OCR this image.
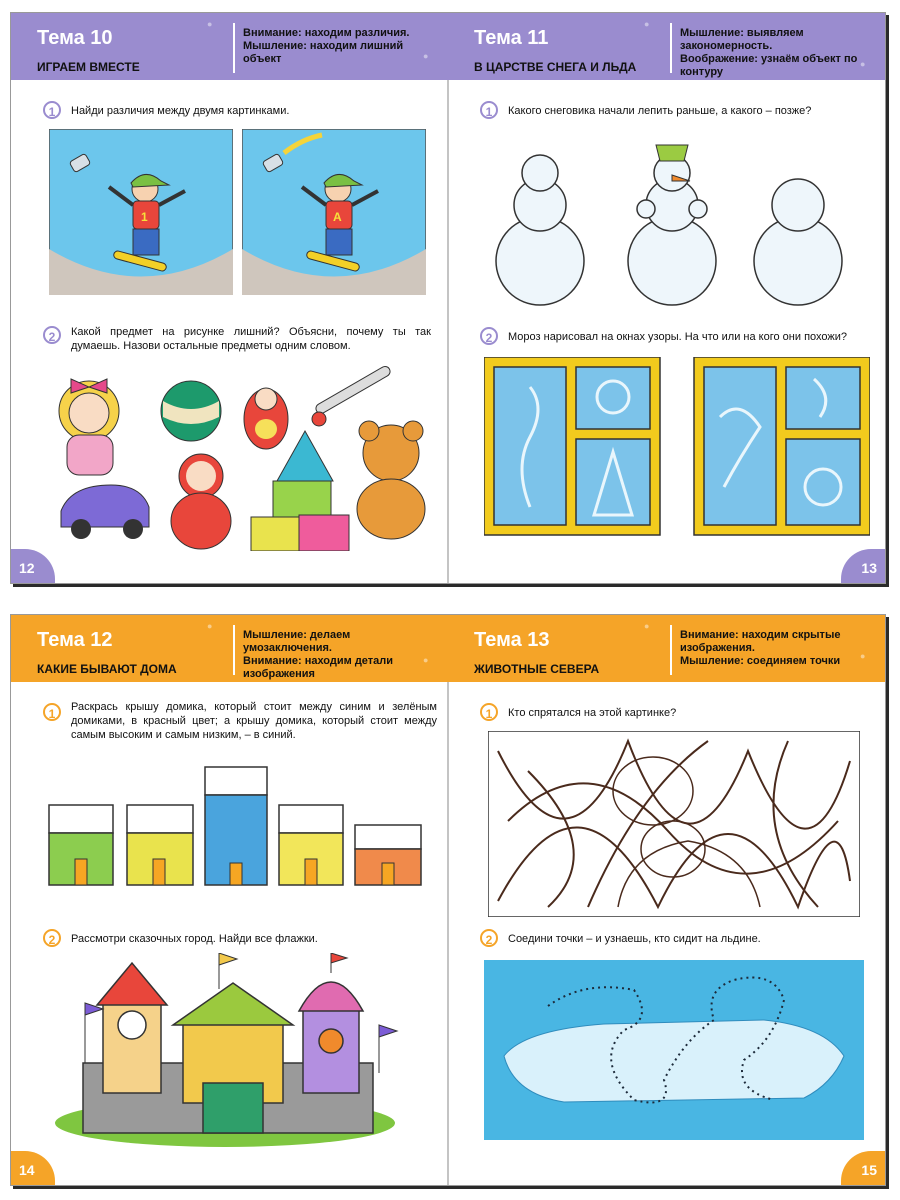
Тема 10
ИГРАЕМ ВМЕСТЕ
Внимание: находим различия.
Мышление: находим лишний объект
●
●
1	Найди различия между двумя картинками.
1	A
2	Какой предмет на рисунке лишний? Объясни, почему ты так думаешь. Назови остальные предметы одним словом.
12
Тема 11
В ЦАРСТВЕ СНЕГА И ЛЬДА
Мышление: выявляем закономерность.
Воображение: узнаём объект по контуру
●
●
1	Какого снеговика начали лепить раньше, а какого – позже?
2	Мороз нарисовал на окнах узоры. На что или на кого они похожи?
13
Тема 12
КАКИЕ БЫВАЮТ ДОМА
Мышление: делаем умозаключения.
Внимание: находим детали изображения
●
●
1	Раскрась крышу домика, который стоит между синим и зелёным домиками, в красный цвет; а крышу домика, который стоит между самым высоким и самым низким, – в синий.
2	Рассмотри сказочных город. Найди все флажки.
14
Тема 13
ЖИВОТНЫЕ СЕВЕРА
Внимание: находим скрытые изображения.
Мышление: соединяем точки
●
●
1	Кто спрятался на этой картинке?
2	Соедини точки – и узнаешь, кто сидит на льдине.
15
